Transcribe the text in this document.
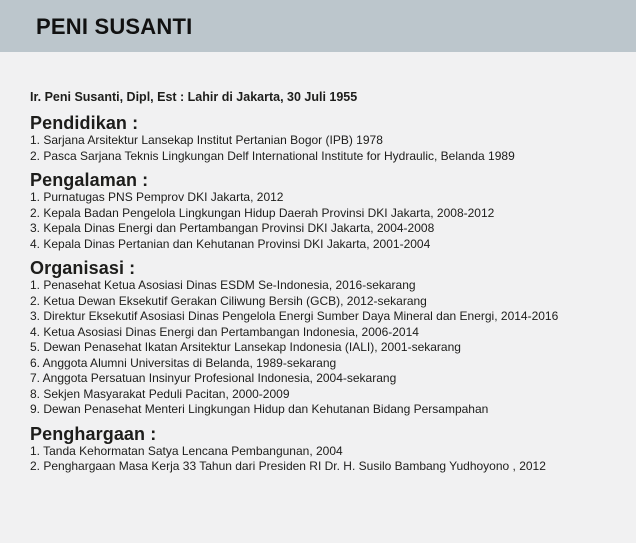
PENI SUSANTI

Ir. Peni Susanti, Dipl, Est : Lahir di Jakarta, 30 Juli 1955

Pendidikan :
1. Sarjana Arsitektur Lansekap Institut Pertanian Bogor (IPB) 1978
2. Pasca Sarjana Teknis Lingkungan Delf International Institute for Hydraulic, Belanda 1989
Pengalaman :
1. Purnatugas PNS Pemprov DKI Jakarta, 2012
2. Kepala Badan Pengelola Lingkungan Hidup Daerah Provinsi DKI Jakarta, 2008-2012
3. Kepala Dinas Energi dan Pertambangan Provinsi DKI Jakarta, 2004-2008
4. Kepala Dinas Pertanian dan Kehutanan Provinsi DKI Jakarta, 2001-2004
Organisasi :
1. Penasehat Ketua Asosiasi Dinas ESDM Se-Indonesia, 2016-sekarang
2. Ketua Dewan Eksekutif Gerakan Ciliwung Bersih (GCB), 2012-sekarang
3. Direktur Eksekutif Asosiasi Dinas Pengelola Energi Sumber Daya Mineral dan Energi, 2014-2016
4. Ketua Asosiasi Dinas Energi dan Pertambangan Indonesia, 2006-2014
5. Dewan Penasehat Ikatan Arsitektur Lansekap Indonesia (IALI), 2001-sekarang
6. Anggota Alumni Universitas di Belanda, 1989-sekarang
7. Anggota Persatuan Insinyur Profesional Indonesia, 2004-sekarang
8. Sekjen Masyarakat Peduli Pacitan, 2000-2009
9. Dewan Penasehat Menteri Lingkungan Hidup dan Kehutanan Bidang Persampahan
Penghargaan :
1. Tanda Kehormatan Satya Lencana Pembangunan, 2004
2. Penghargaan Masa Kerja 33 Tahun dari Presiden RI Dr. H. Susilo Bambang Yudhoyono , 2012
